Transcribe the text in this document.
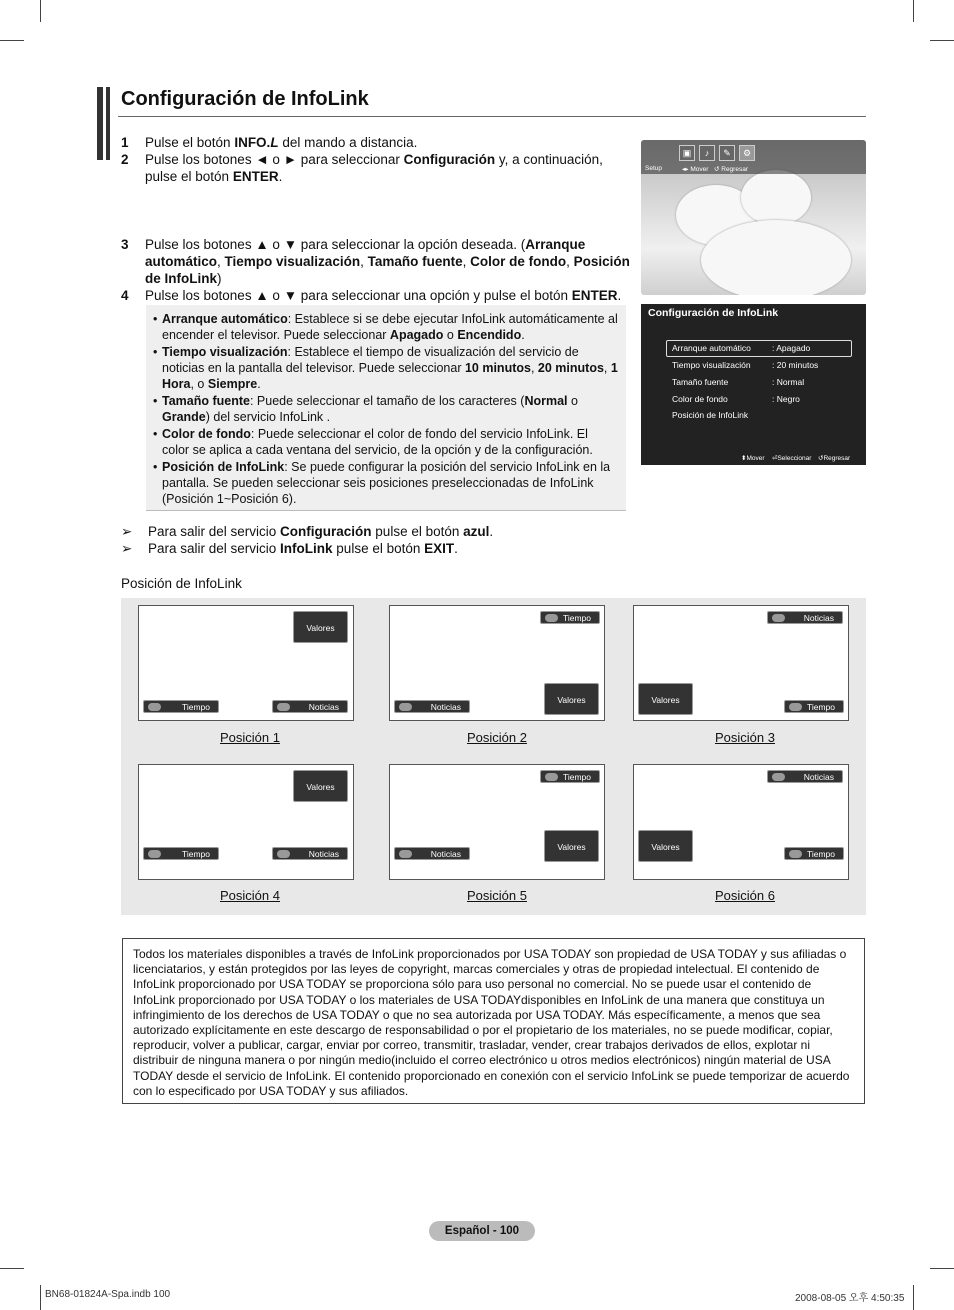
Configuración de InfoLink
1	Pulse el botón INFO.L del mando a distancia.
2	Pulse los botones ◄ o ► para seleccionar Configuración y, a continuación, pulse el botón ENTER.
3	Pulse los botones ▲ o ▼ para seleccionar la opción deseada. (Arranque automático, Tiempo visualización, Tamaño fuente, Color de fondo, Posición de InfoLink)
4	Pulse los botones ▲ o ▼ para seleccionar una opción y pulse el botón ENTER.
• Arranque automático: Establece si se debe ejecutar InfoLink automáticamente al encender el televisor. Puede seleccionar Apagado o Encendido.
• Tiempo visualización: Establece el tiempo de visualización del servicio de noticias en la pantalla del televisor. Puede seleccionar 10 minutos, 20 minutos, 1 Hora, o Siempre.
• Tamaño fuente: Puede seleccionar el tamaño de los caracteres (Normal o Grande) del servicio InfoLink .
• Color de fondo: Puede seleccionar el color de fondo del servicio InfoLink. El color se aplica a cada ventana del servicio, de la opción y de la configuración.
• Posición de InfoLink: Se puede configurar la posición del servicio InfoLink en la pantalla. Se pueden seleccionar seis posiciones preseleccionadas de InfoLink (Posición 1~Posición 6).
➢	Para salir del servicio Configuración pulse el botón azul.
➢	Para salir del servicio InfoLink pulse el botón EXIT.
▣	♪	✎	⚙
Setup	◂▸ Mover ↺ Regresar
Configuración de InfoLink
Arranque automático : Apagado
Tiempo visualización	: 20 minutos
Tamaño fuente	: Normal
Color de fondo	: Negro
Posición de InfoLink
⬍Mover ⏎Seleccionar ↺Regresar
Posición de InfoLink
Valores
Tiempo	Noticias
Tiempo
Valores
Noticias
Noticias
Valores
Tiempo
Posición 1	Posición 2	Posición 3
Valores
Tiempo	Noticias
Tiempo
Valores
Noticias
Noticias
Valores
Tiempo
Posición 4	Posición 5	Posición 6
Todos los materiales disponibles a través de InfoLink proporcionados por USA TODAY son propiedad de USA TODAY y sus afiliadas o licenciatarios, y están protegidos por las leyes de copyright, marcas comerciales y otras de propiedad intelectual. El contenido de InfoLink proporcionado por USA TODAY se proporciona sólo para uso personal no comercial. No se puede usar el contenido de InfoLink proporcionado por USA TODAY o los materiales de USA TODAYdisponibles en InfoLink de una manera que constituya un infringimiento de los derechos de USA TODAY o que no sea autorizada por USA TODAY. Más específicamente, a menos que sea autorizado explícitamente en este descargo de responsabilidad o por el propietario de los materiales, no se puede modificar, copiar, reproducir, volver a publicar, cargar, enviar por correo, transmitir, trasladar, vender, crear trabajos derivados de ellos, explotar ni distribuir de ninguna manera o por ningún medio(incluido el correo electrónico u otros medios electrónicos) ningún material de USA TODAY desde el servicio de InfoLink. El contenido proporcionado en conexión con el servicio InfoLink se puede temporizar de acuerdo con lo especificado por USA TODAY y sus afiliados.
Español - 100
BN68-01824A-Spa.indb 100	2008-08-05 오후 4:50:35
